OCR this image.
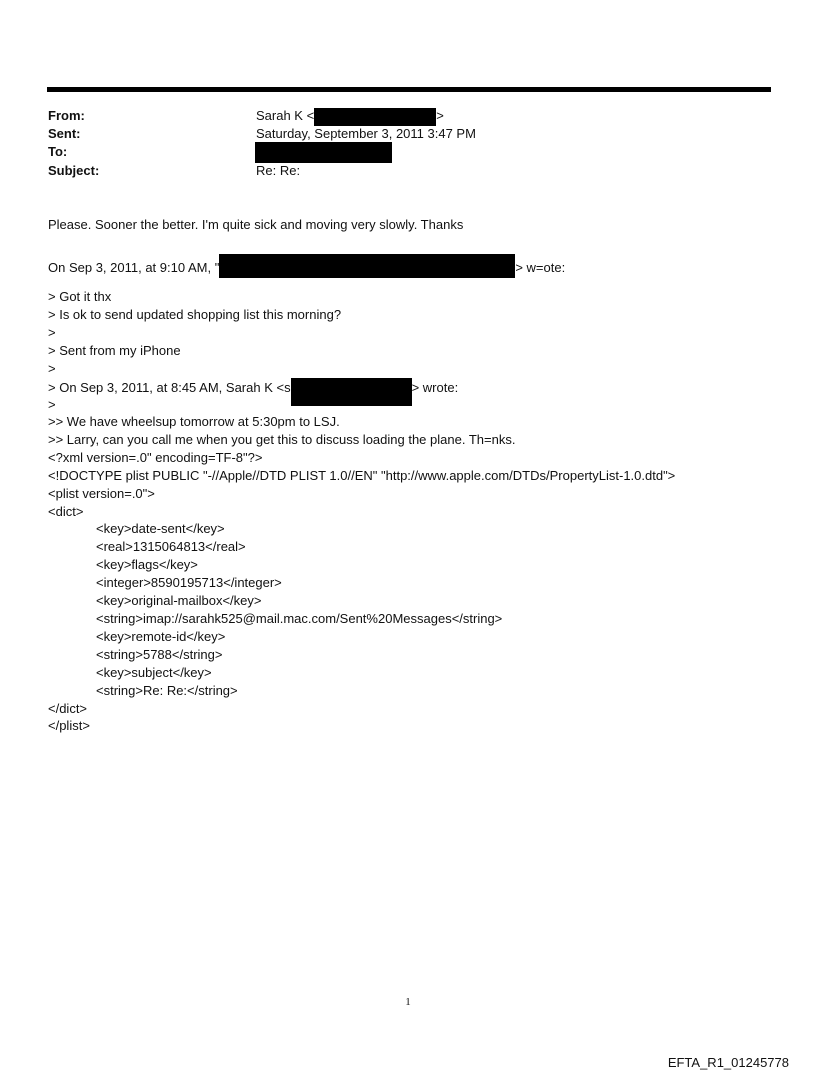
From:	Sarah K <	>
Sent:	Saturday, September 3, 2011 3:47 PM
To:
Subject:	Re: Re:

Please. Sooner the better. I'm quite sick and moving very slowly. Thanks

On Sep 3, 2011, at 9:10 AM, "	> w=ote:

> Got it thx

> Is ok to send updated shopping list this morning?

>

> Sent from my iPhone

>

> On Sep 3, 2011, at 8:45 AM, Sarah K <s	> wrote:

>

>> We have wheelsup tomorrow at 5:30pm to LSJ.

>> Larry, can you call me when you get this to discuss loading the plane. Th=nks.

<?xml version=.0" encoding=TF-8"?>

<!DOCTYPE plist PUBLIC "-//Apple//DTD PLIST 1.0//EN" "http://www.apple.com/DTDs/PropertyList-1.0.dtd">

<plist version=.0">

<dict>

<key>date-sent</key>

<real>1315064813</real>

<key>flags</key>

<integer>8590195713</integer>

<key>original-mailbox</key>

<string>imap://sarahk525@mail.mac.com/Sent%20Messages</string>

<key>remote-id</key>

<string>5788</string>

<key>subject</key>

<string>Re: Re:</string>

</dict>

</plist>

1
EFTA_R1_01245778
